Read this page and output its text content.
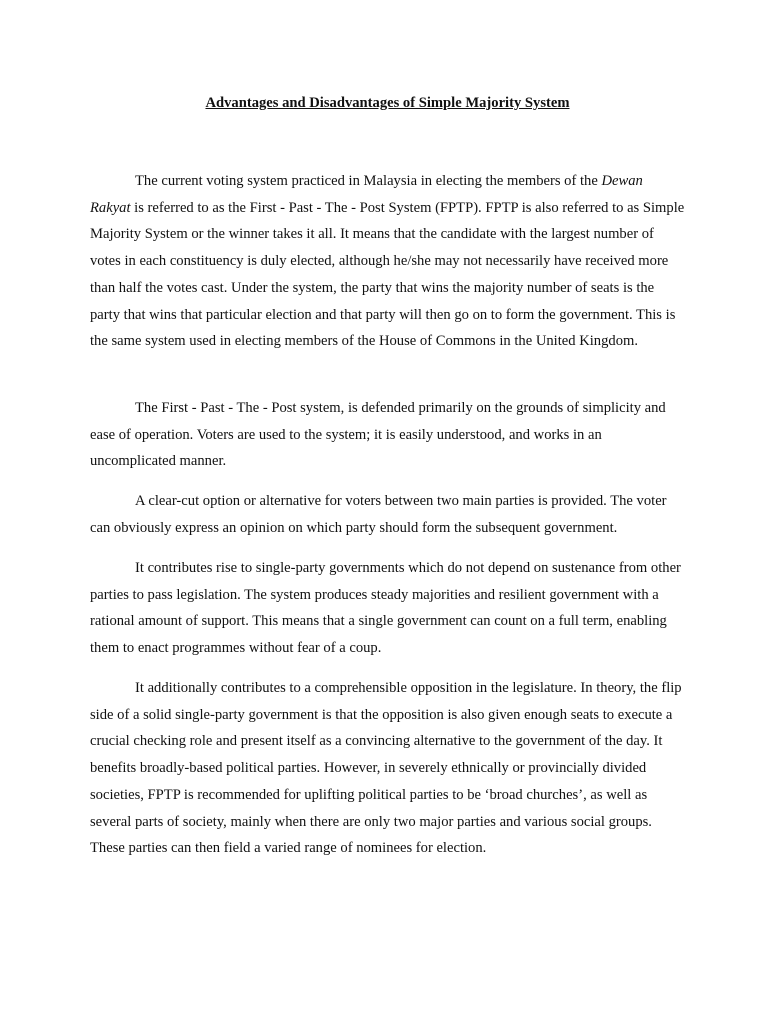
Advantages and Disadvantages of Simple Majority System

The current voting system practiced in Malaysia in electing the members of the Dewan Rakyat is referred to as the First - Past - The - Post System (FPTP). FPTP is also referred to as Simple Majority System or the winner takes it all. It means that the candidate with the largest number of votes in each constituency is duly elected, although he/she may not necessarily have received more than half the votes cast. Under the system, the party that wins the majority number of seats is the party that wins that particular election and that party will then go on to form the government. This is the same system used in electing members of the House of Commons in the United Kingdom.

The First - Past - The - Post system, is defended primarily on the grounds of simplicity and ease of operation. Voters are used to the system; it is easily understood, and works in an uncomplicated manner.

A clear-cut option or alternative for voters between two main parties is provided. The voter can obviously express an opinion on which party should form the subsequent government.

It contributes rise to single-party governments which do not depend on sustenance from other parties to pass legislation. The system produces steady majorities and resilient government with a rational amount of support. This means that a single government can count on a full term, enabling them to enact programmes without fear of a coup.

It additionally contributes to a comprehensible opposition in the legislature. In theory, the flip side of a solid single-party government is that the opposition is also given enough seats to execute a crucial checking role and present itself as a convincing alternative to the government of the day. It benefits broadly-based political parties. However, in severely ethnically or provincially divided societies, FPTP is recommended for uplifting political parties to be ‘broad churches’, as well as several parts of society, mainly when there are only two major parties and various social groups. These parties can then field a varied range of nominees for election.
